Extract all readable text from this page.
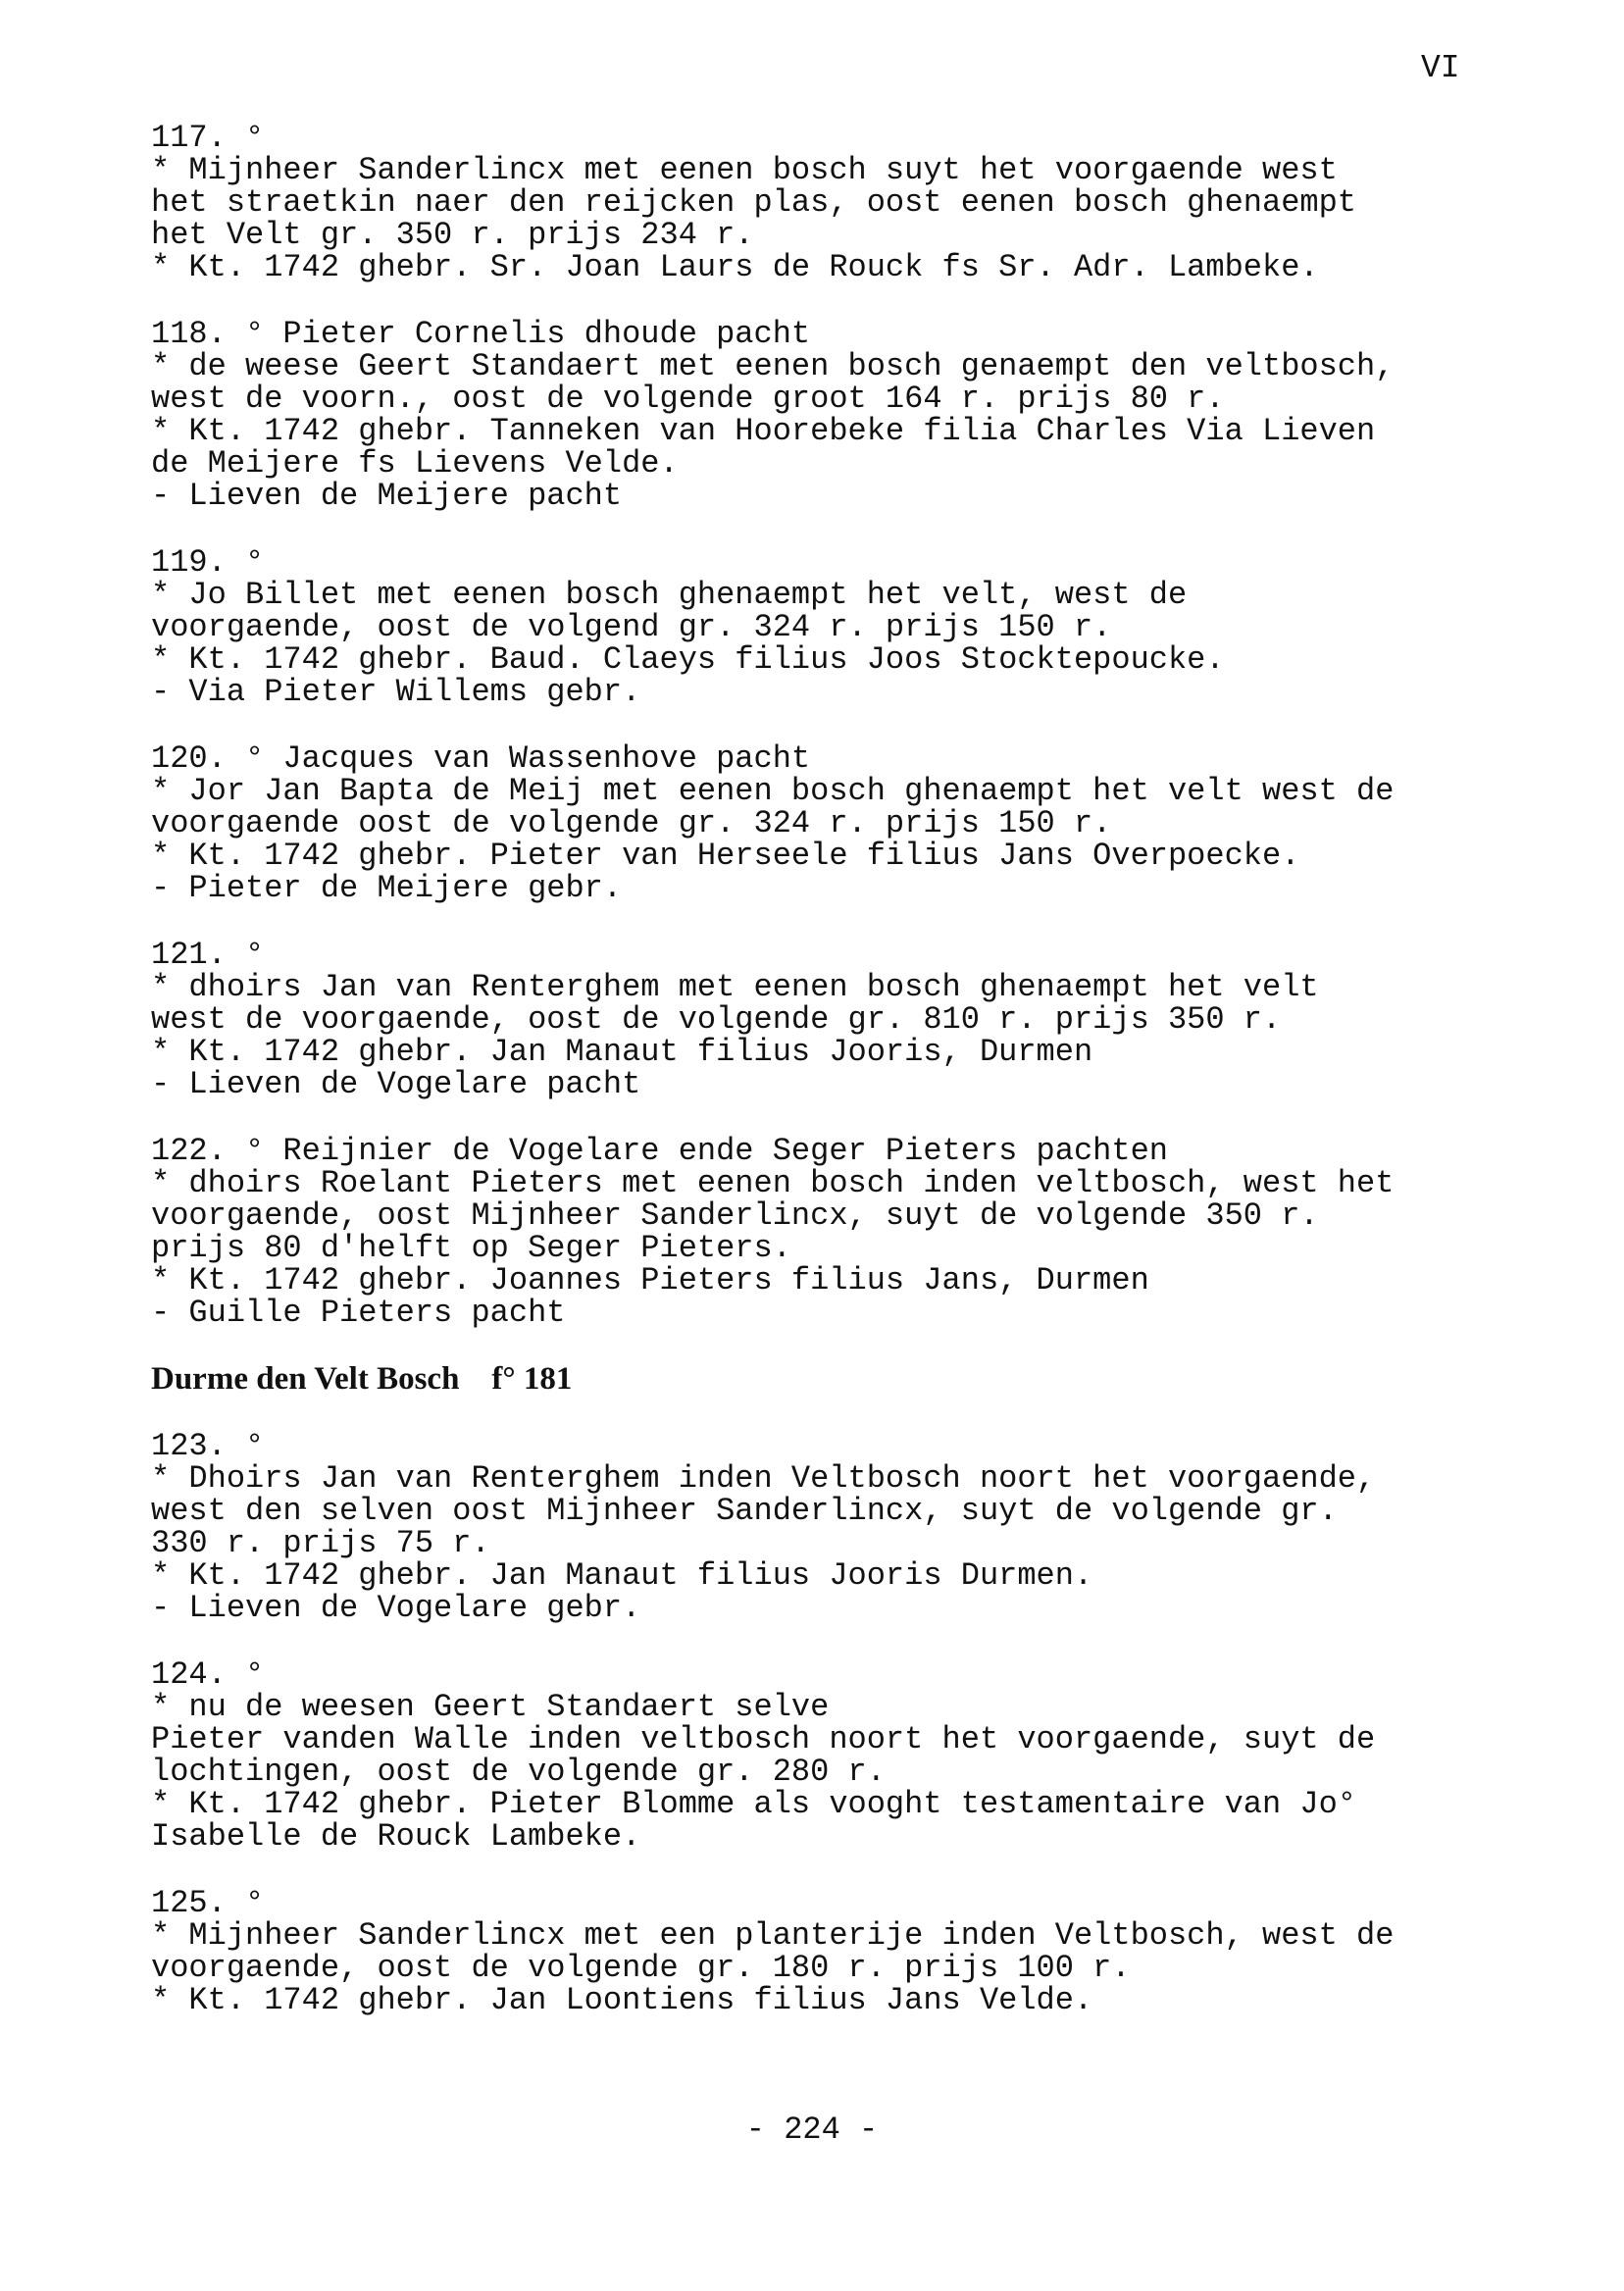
VI
117. °
* Mijnheer Sanderlincx met eenen bosch suyt het voorgaende west
het straetkin naer den reijcken plas, oost eenen bosch ghenaempt
het Velt gr. 350 r. prijs 234 r.
* Kt. 1742 ghebr. Sr. Joan Laurs de Rouck fs Sr. Adr. Lambeke.
118. ° Pieter Cornelis dhoude pacht
* de weese Geert Standaert met eenen bosch genaempt den veltbosch,
west de voorn., oost de volgende groot 164 r. prijs 80 r.
* Kt. 1742 ghebr. Tanneken van Hoorebeke filia Charles Via Lieven
de Meijere fs Lievens Velde.
- Lieven de Meijere pacht
119. °
* Jo Billet met eenen bosch ghenaempt het velt, west de
voorgaende, oost de volgend gr. 324 r. prijs 150 r.
* Kt. 1742 ghebr. Baud. Claeys filius Joos Stocktepoucke.
- Via Pieter Willems gebr.
120. ° Jacques van Wassenhove pacht
* Jor Jan Bapta de Meij met eenen bosch ghenaempt het velt west de
voorgaende oost de volgende gr. 324 r. prijs 150 r.
* Kt. 1742 ghebr. Pieter van Herseele filius Jans Overpoecke.
- Pieter de Meijere gebr.
121. °
* dhoirs Jan van Renterghem met eenen bosch ghenaempt het velt
west de voorgaende, oost de volgende gr. 810 r. prijs 350 r.
* Kt. 1742 ghebr. Jan Manaut filius Jooris, Durmen
- Lieven de Vogelare pacht
122. ° Reijnier de Vogelare ende Seger Pieters pachten
* dhoirs Roelant Pieters met eenen bosch inden veltbosch, west het
voorgaende, oost Mijnheer Sanderlincx, suyt de volgende 350 r.
prijs 80 d'helft op Seger Pieters.
* Kt. 1742 ghebr. Joannes Pieters filius Jans, Durmen
- Guille Pieters pacht
Durme den Velt Bosch    f° 181
123. °
* Dhoirs Jan van Renterghem inden Veltbosch noort het voorgaende,
west den selven oost Mijnheer Sanderlincx, suyt de volgende gr.
330 r. prijs 75 r.
* Kt. 1742 ghebr. Jan Manaut filius Jooris Durmen.
- Lieven de Vogelare gebr.
124. °
* nu de weesen Geert Standaert selve
Pieter vanden Walle inden veltbosch noort het voorgaende, suyt de
lochtingen, oost de volgende gr. 280 r.
* Kt. 1742 ghebr. Pieter Blomme als vooght testamentaire van Jo°
Isabelle de Rouck Lambeke.
125. °
* Mijnheer Sanderlincx met een planterije inden Veltbosch, west de
voorgaende, oost de volgende gr. 180 r. prijs 100 r.
* Kt. 1742 ghebr. Jan Loontiens filius Jans Velde.
- 224 -
